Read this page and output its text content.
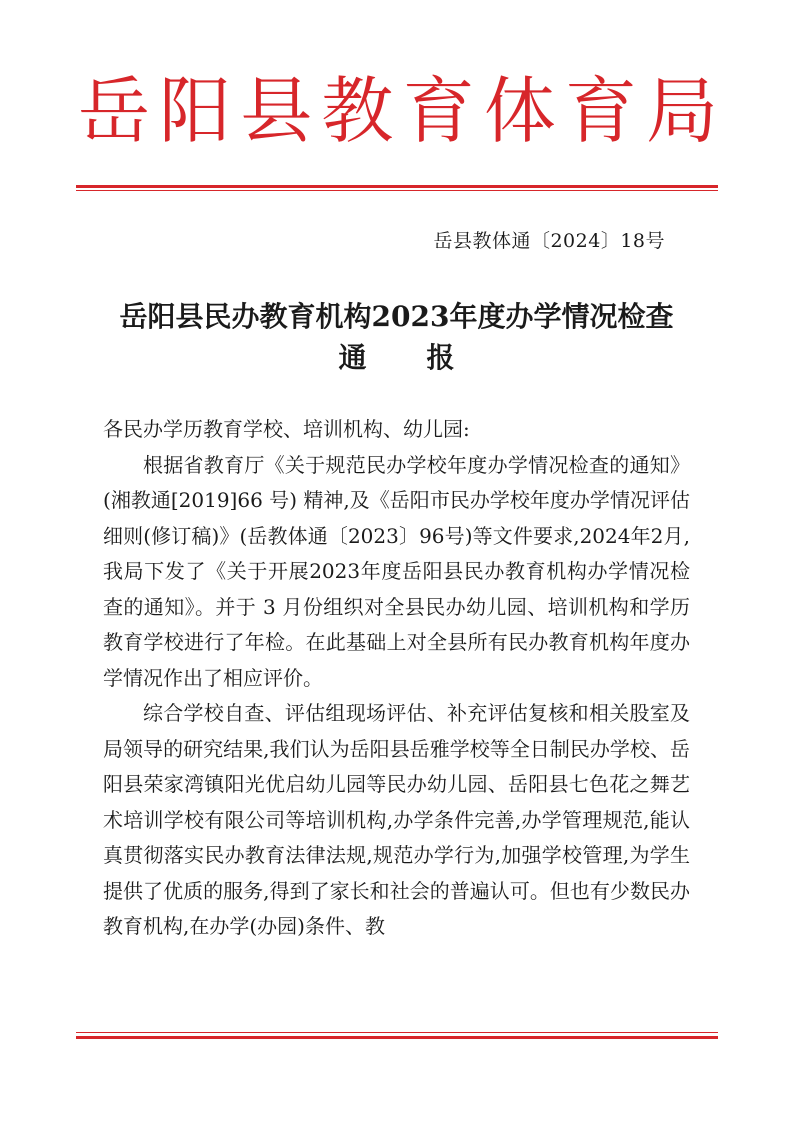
岳 阳 县 教 育 体 育 局
岳县教体通〔2024〕18号
岳阳县民办教育机构2023年度办学情况检查
通报

各民办学历教育学校、培训机构、幼儿园:

根据省教育厅《关于规范民办学校年度办学情况检查的通知》(湘教通[2019]66 号) 精神,及《岳阳市民办学校年度办学情况评估细则(修订稿)》(岳教体通〔2023〕96号)等文件要求,2024年2月,我局下发了《关于开展2023年度岳阳县民办教育机构办学情况检查的通知》。并于 3 月份组织对全县民办幼儿园、培训机构和学历教育学校进行了年检。在此基础上对全县所有民办教育机构年度办学情况作出了相应评价。

综合学校自查、评估组现场评估、补充评估复核和相关股室及局领导的研究结果,我们认为岳阳县岳雅学校等全日制民办学校、岳阳县荣家湾镇阳光优启幼儿园等民办幼儿园、岳阳县七色花之舞艺术培训学校有限公司等培训机构,办学条件完善,办学管理规范,能认真贯彻落实民办教育法律法规,规范办学行为,加强学校管理,为学生提供了优质的服务,得到了家长和社会的普遍认可。但也有少数民办教育机构,在办学(办园)条件、教
